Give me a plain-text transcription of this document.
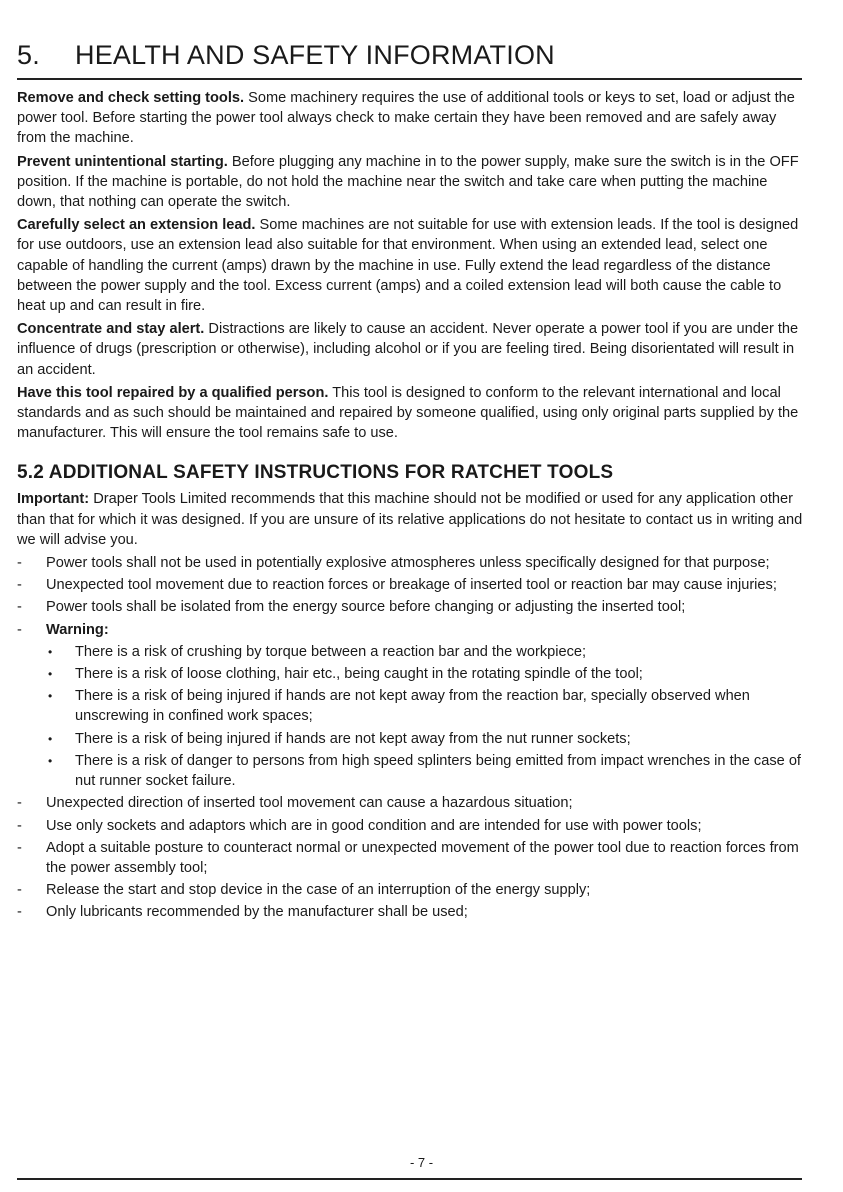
5. HEALTH AND SAFETY INFORMATION

Remove and check setting tools. Some machinery requires the use of additional tools or keys to set, load or adjust the power tool. Before starting the power tool always check to make certain they have been removed and are safely away from the machine.

Prevent unintentional starting. Before plugging any machine in to the power supply, make sure the switch is in the OFF position. If the machine is portable, do not hold the machine near the switch and take care when putting the machine down, that nothing can operate the switch.

Carefully select an extension lead. Some machines are not suitable for use with extension leads. If the tool is designed for use outdoors, use an extension lead also suitable for that environment. When using an extended lead, select one capable of handling the current (amps) drawn by the machine in use. Fully extend the lead regardless of the distance between the power supply and the tool. Excess current (amps) and a coiled extension lead will both cause the cable to heat up and can result in fire.

Concentrate and stay alert. Distractions are likely to cause an accident. Never operate a power tool if you are under the influence of drugs (prescription or otherwise), including alcohol or if you are feeling tired. Being disorientated will result in an accident.

Have this tool repaired by a qualified person. This tool is designed to conform to the relevant international and local standards and as such should be maintained and repaired by someone qualified, using only original parts supplied by the manufacturer. This will ensure the tool remains safe to use.

5.2 ADDITIONAL SAFETY INSTRUCTIONS FOR RATCHET TOOLS

Important: Draper Tools Limited recommends that this machine should not be modified or used for any application other than that for which it was designed. If you are unsure of its relative applications do not hesitate to contact us in writing and we will advise you.

- Power tools shall not be used in potentially explosive atmospheres unless specifically designed for that purpose;
- Unexpected tool movement due to reaction forces or breakage of inserted tool or reaction bar may cause injuries;
- Power tools shall be isolated from the energy source before changing or adjusting the inserted tool;
- Warning:
• There is a risk of crushing by torque between a reaction bar and the workpiece;
• There is a risk of loose clothing, hair etc., being caught in the rotating spindle of the tool;
• There is a risk of being injured if hands are not kept away from the reaction bar, specially observed when unscrewing in confined work spaces;
• There is a risk of being injured if hands are not kept away from the nut runner sockets;
• There is a risk of danger to persons from high speed splinters being emitted from impact wrenches in the case of nut runner socket failure.
- Unexpected direction of inserted tool movement can cause a hazardous situation;
- Use only sockets and adaptors which are in good condition and are intended for use with power tools;
- Adopt a suitable posture to counteract normal or unexpected movement of the power tool due to reaction forces from the power assembly tool;
- Release the start and stop device in the case of an interruption of the energy supply;
- Only lubricants recommended by the manufacturer shall be used;
- 7 -
